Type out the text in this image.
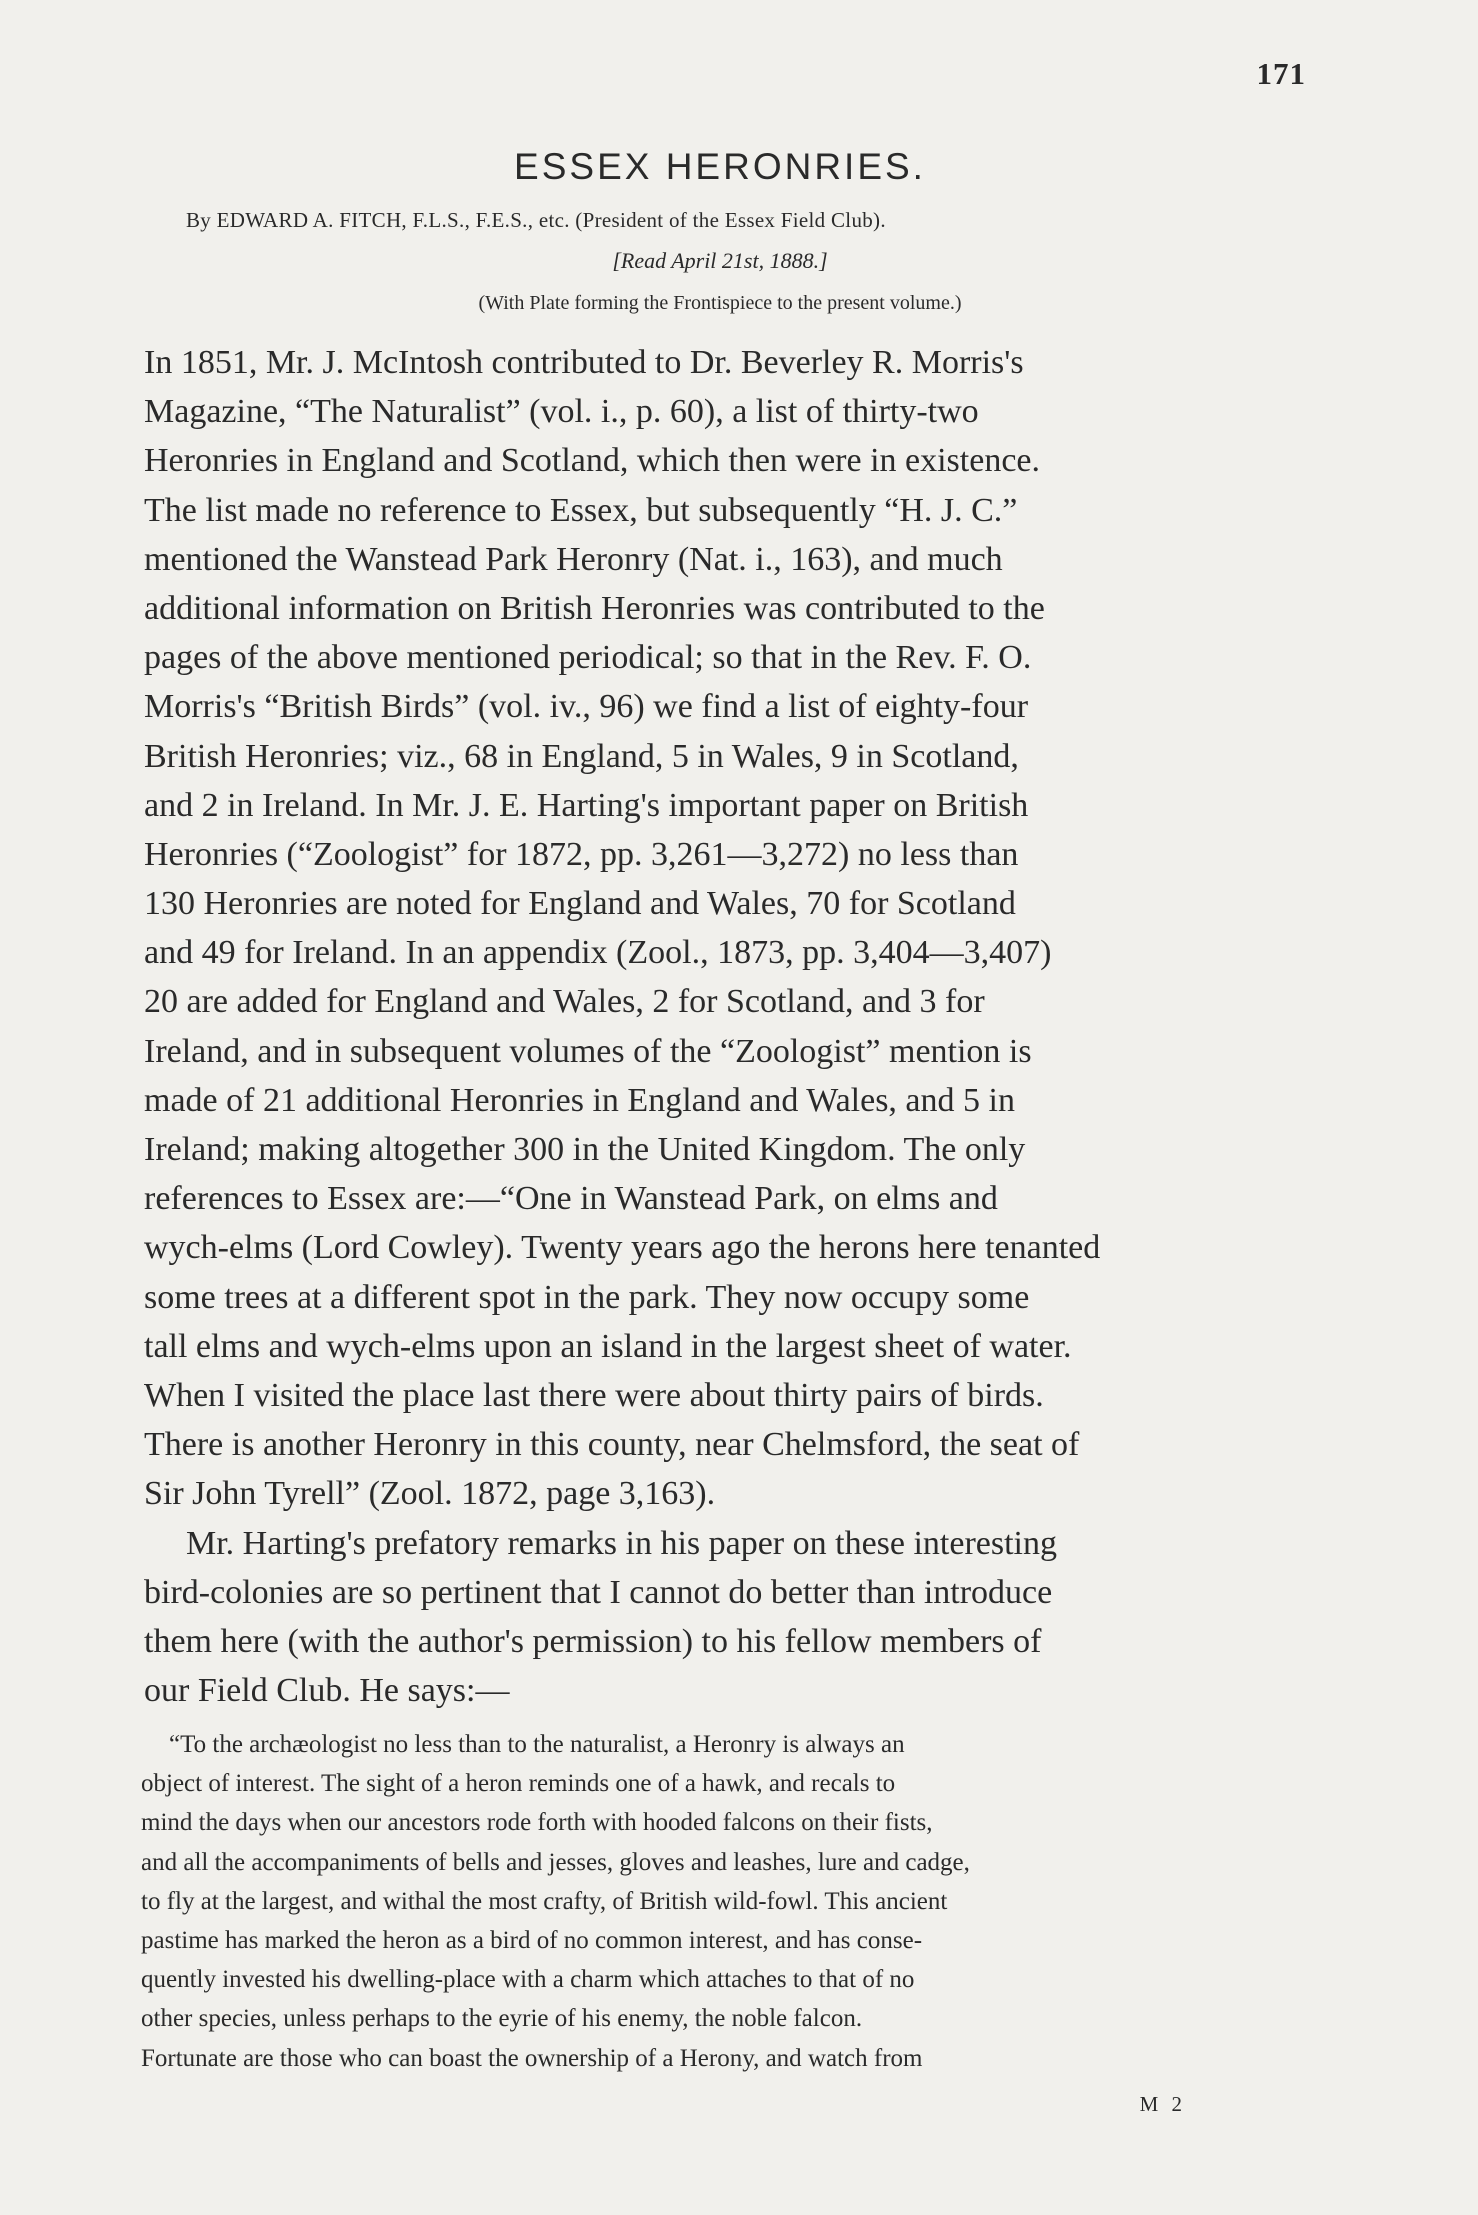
171
ESSEX HERONRIES.
By EDWARD A. FITCH, F.L.S., F.E.S., etc. (President of the Essex Field Club).
[Read April 21st, 1888.]
(With Plate forming the Frontispiece to the present volume.)
In 1851, Mr. J. McIntosh contributed to Dr. Beverley R. Morris's
Magazine, “The Naturalist” (vol. i., p. 60), a list of thirty-two
Heronries in England and Scotland, which then were in existence.
The list made no reference to Essex, but subsequently “H. J. C.”
mentioned the Wanstead Park Heronry (Nat. i., 163), and much
additional information on British Heronries was contributed to the
pages of the above mentioned periodical; so that in the Rev. F. O.
Morris's “British Birds” (vol. iv., 96) we find a list of eighty-four
British Heronries; viz., 68 in England, 5 in Wales, 9 in Scotland,
and 2 in Ireland. In Mr. J. E. Harting's important paper on British
Heronries (“Zoologist” for 1872, pp. 3,261—3,272) no less than
130 Heronries are noted for England and Wales, 70 for Scotland
and 49 for Ireland. In an appendix (Zool., 1873, pp. 3,404—3,407)
20 are added for England and Wales, 2 for Scotland, and 3 for
Ireland, and in subsequent volumes of the “Zoologist” mention is
made of 21 additional Heronries in England and Wales, and 5 in
Ireland; making altogether 300 in the United Kingdom. The only
references to Essex are:—“One in Wanstead Park, on elms and
wych-elms (Lord Cowley). Twenty years ago the herons here tenanted
some trees at a different spot in the park. They now occupy some
tall elms and wych-elms upon an island in the largest sheet of water.
When I visited the place last there were about thirty pairs of birds.
There is another Heronry in this county, near Chelmsford, the seat of
Sir John Tyrell” (Zool. 1872, page 3,163).
Mr. Harting's prefatory remarks in his paper on these interesting
bird-colonies are so pertinent that I cannot do better than introduce
them here (with the author's permission) to his fellow members of
our Field Club. He says:—
“To the archæologist no less than to the naturalist, a Heronry is always an
object of interest. The sight of a heron reminds one of a hawk, and recals to
mind the days when our ancestors rode forth with hooded falcons on their fists,
and all the accompaniments of bells and jesses, gloves and leashes, lure and cadge,
to fly at the largest, and withal the most crafty, of British wild-fowl. This ancient
pastime has marked the heron as a bird of no common interest, and has conse-
quently invested his dwelling-place with a charm which attaches to that of no
other species, unless perhaps to the eyrie of his enemy, the noble falcon.
Fortunate are those who can boast the ownership of a Herony, and watch from
M 2
